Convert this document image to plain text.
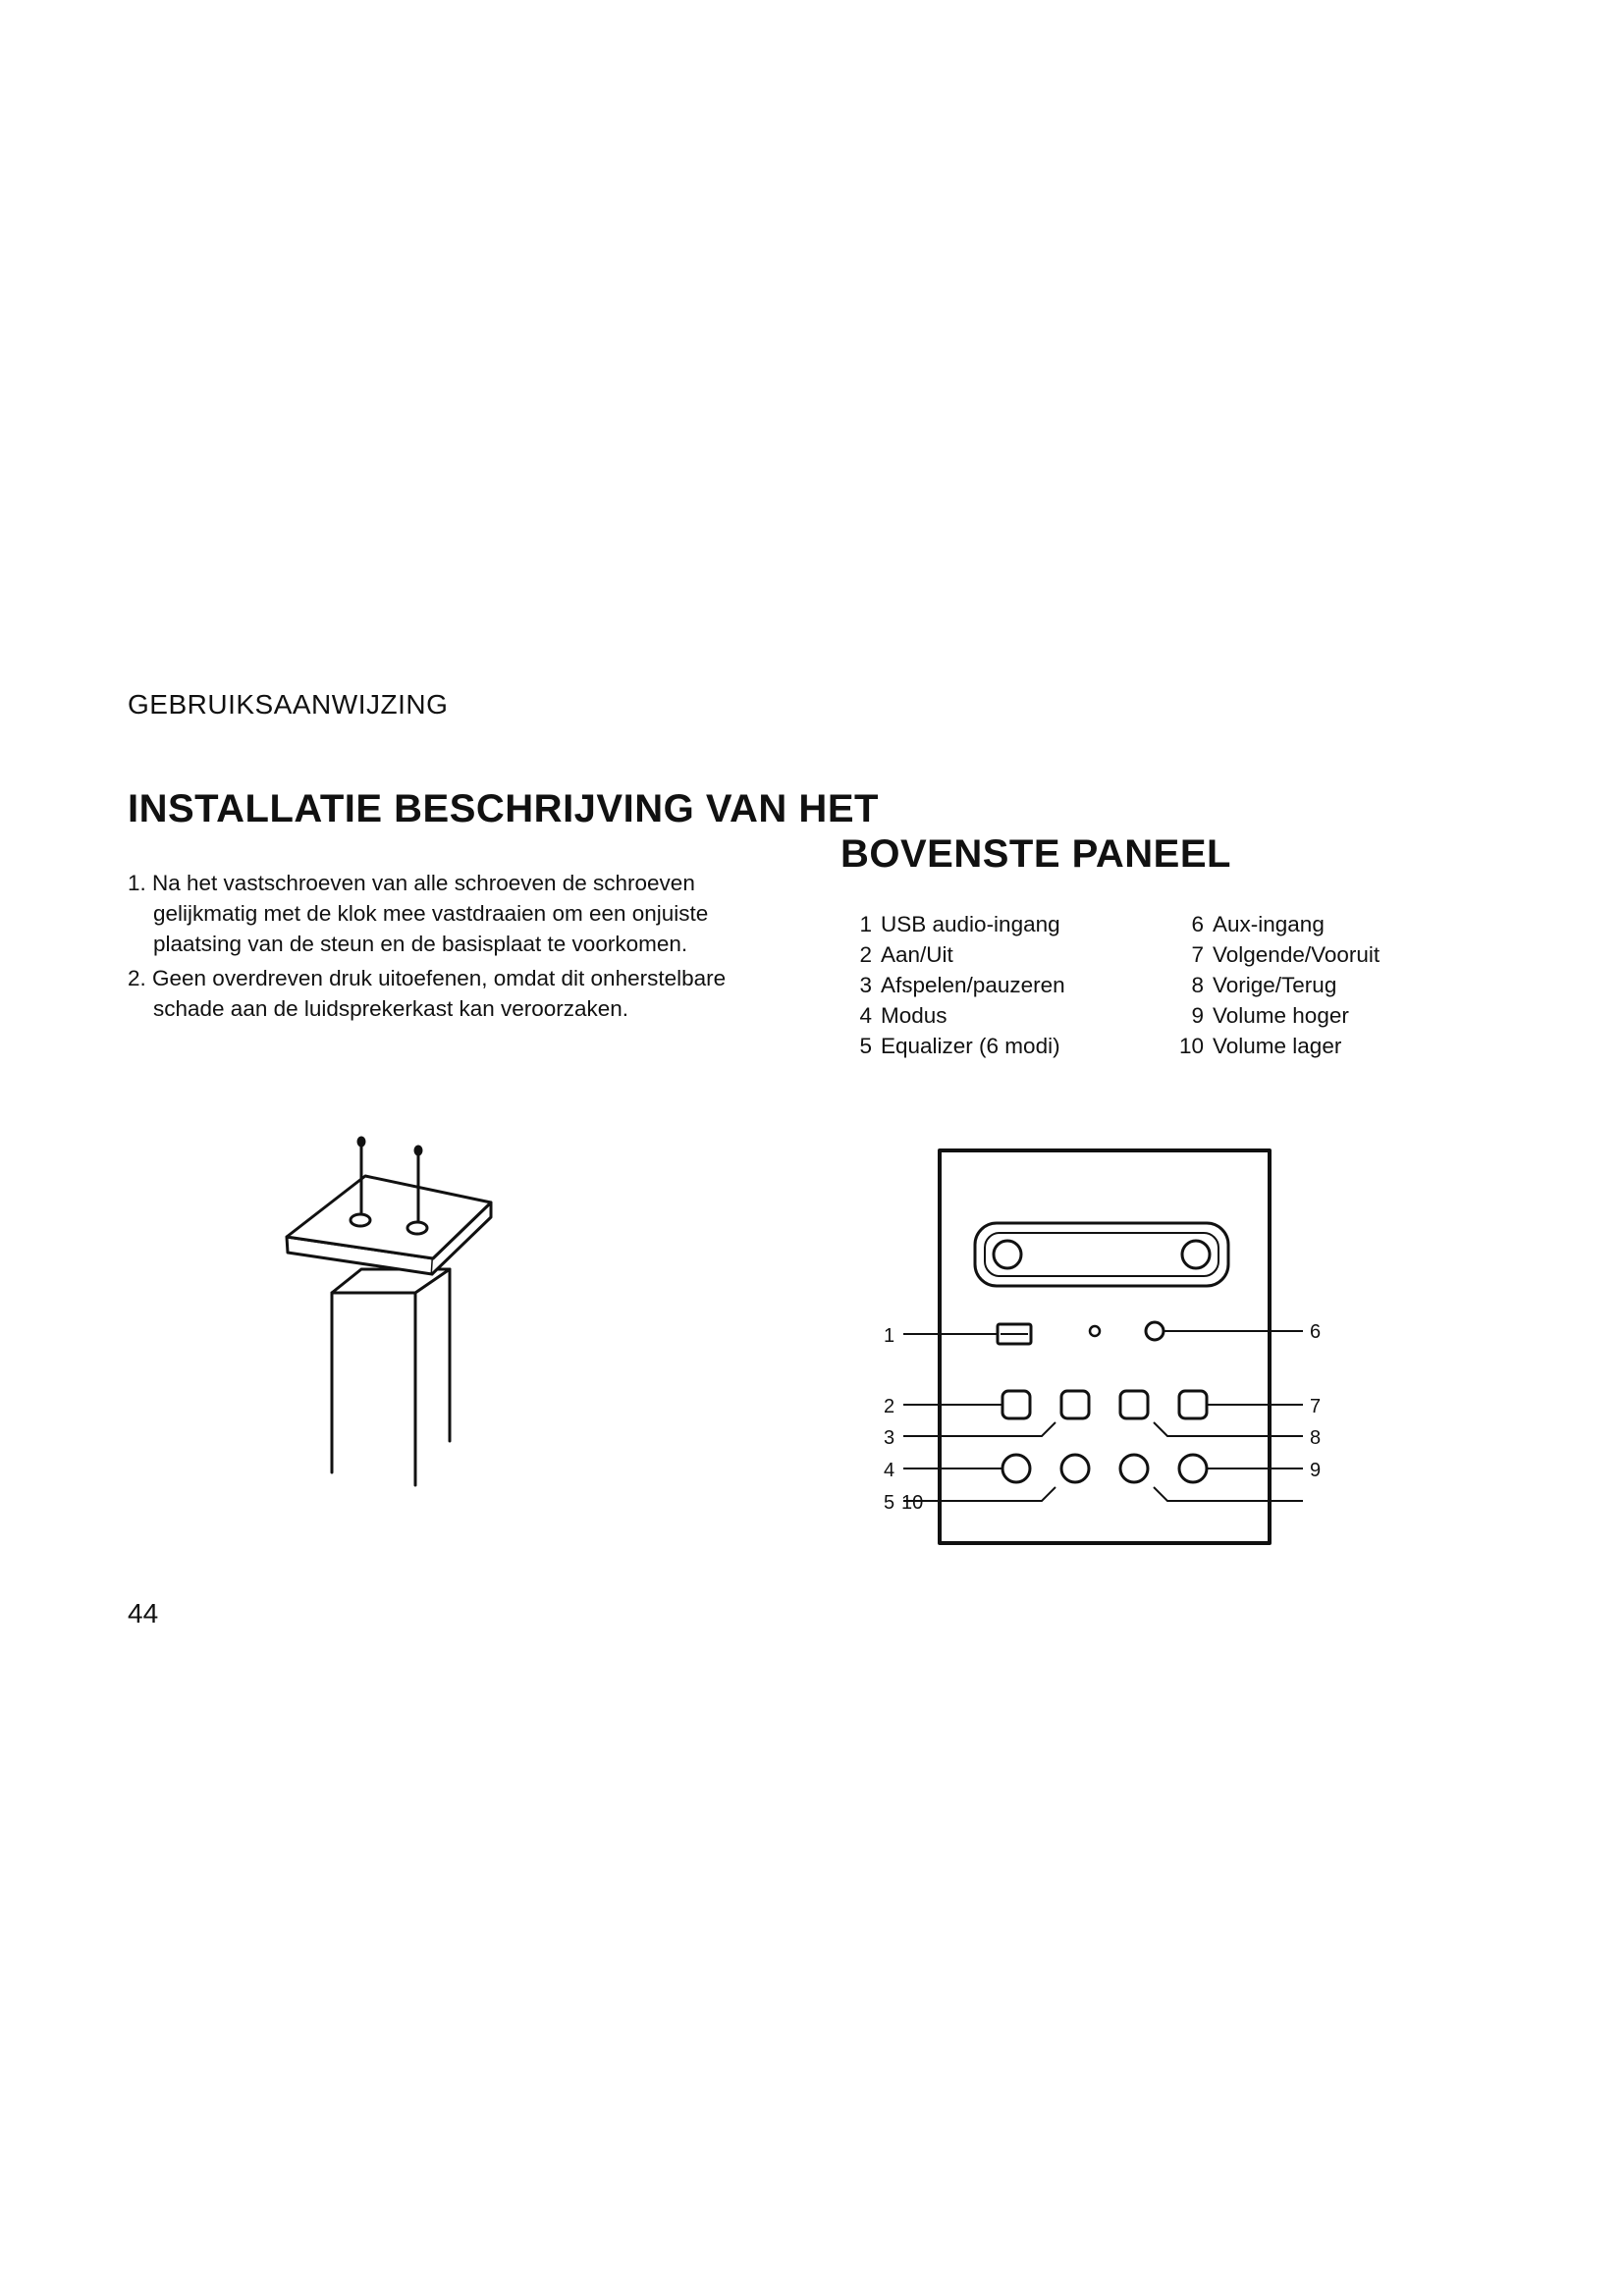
GEBRUIKSAANWIJZING
INSTALLATIE BESCHRIJVING VAN HET
BOVENSTE PANEEL
1. Na het vastschroeven van alle schroeven de schroeven gelijkmatig met de klok mee vastdraaien om een onjuiste plaatsing van de steun en de basisplaat te voorkomen.
2. Geen overdreven druk uitoefenen, omdat dit onherstelbare schade aan de luidsprekerkast kan veroorzaken.
1 USB audio-ingang
2 Aan/Uit
3 Afspelen/pauzeren
4 Modus
5 Equalizer (6 modi)
6 Aux-ingang
7 Volgende/Vooruit
8 Vorige/Terug
9 Volume hoger
10 Volume lager
1
2
3
4
5 10
6
7
8
9
44
